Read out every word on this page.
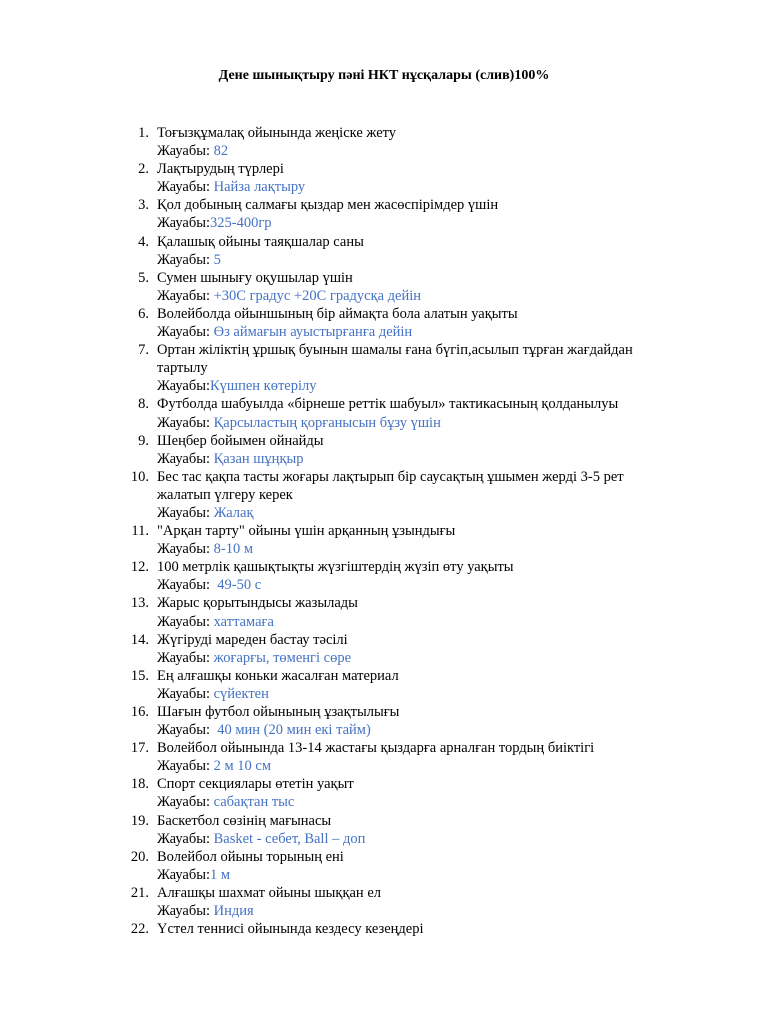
Дене шынықтыру пәні НКТ нұсқалары (слив)100%
1. Тоғызқұмалақ ойынында жеңіске жету
Жауабы: 82
2. Лақтырудың түрлері
Жауабы: Найза лақтыру
3. Қол добының салмағы қыздар мен жасөспірімдер үшін
Жауабы:325-400гр
4. Қалашық ойыны таяқшалар саны
Жауабы: 5
5. Сумен шынығу оқушылар үшін
Жауабы: +30С градус +20С градусқа дейін
6. Волейболда ойыншының бір аймақта бола алатын уақыты
Жауабы: Өз аймағын ауыстырғанға дейін
7. Ортан жіліктің ұршық буынын шамалы ғана бүгіп,асылып тұрған жағдайдан тартылу
Жауабы:Күшпен көтерілу
8. Футболда шабуылда «бірнеше реттік шабуыл» тактикасының қолданылуы
Жауабы: Қарсыластың қорғанысын бұзу үшін
9. Шеңбер бойымен ойнайды
Жауабы: Қазан шұңқыр
10. Бес тас қақпа тасты жоғары лақтырып бір саусақтың ұшымен жерді 3-5 рет жалатып үлгеру керек
Жауабы: Жалақ
11. "Арқан тарту" ойыны үшін арқанның ұзындығы
Жауабы: 8-10 м
12. 100 метрлік қашықтықты жүзгіштердің жүзіп өту уақыты
Жауабы: 49-50 с
13. Жарыс қорытындысы жазылады
Жауабы: хаттамаға
14. Жүгіруді мареден бастау тәсілі
Жауабы: жоғарғы, төменгі сөре
15. Ең алғашқы коньки жасалған материал
Жауабы: сүйектен
16. Шағын футбол ойынының ұзақтылығы
Жауабы: 40 мин (20 мин екі тайм)
17. Волейбол ойынында 13-14 жастағы қыздарға арналған тордың биіктігі
Жауабы: 2 м 10 см
18. Спорт секциялары өтетін уақыт
Жауабы: сабақтан тыс
19. Баскетбол сөзінің мағынасы
Жауабы: Basket - себет, Ball – доп
20. Волейбол ойыны торының ені
Жауабы:1 м
21. Алғашқы шахмат ойыны шыққан ел
Жауабы: Индия
22. Үстел теннисі ойынында кездесу кезеңдері
